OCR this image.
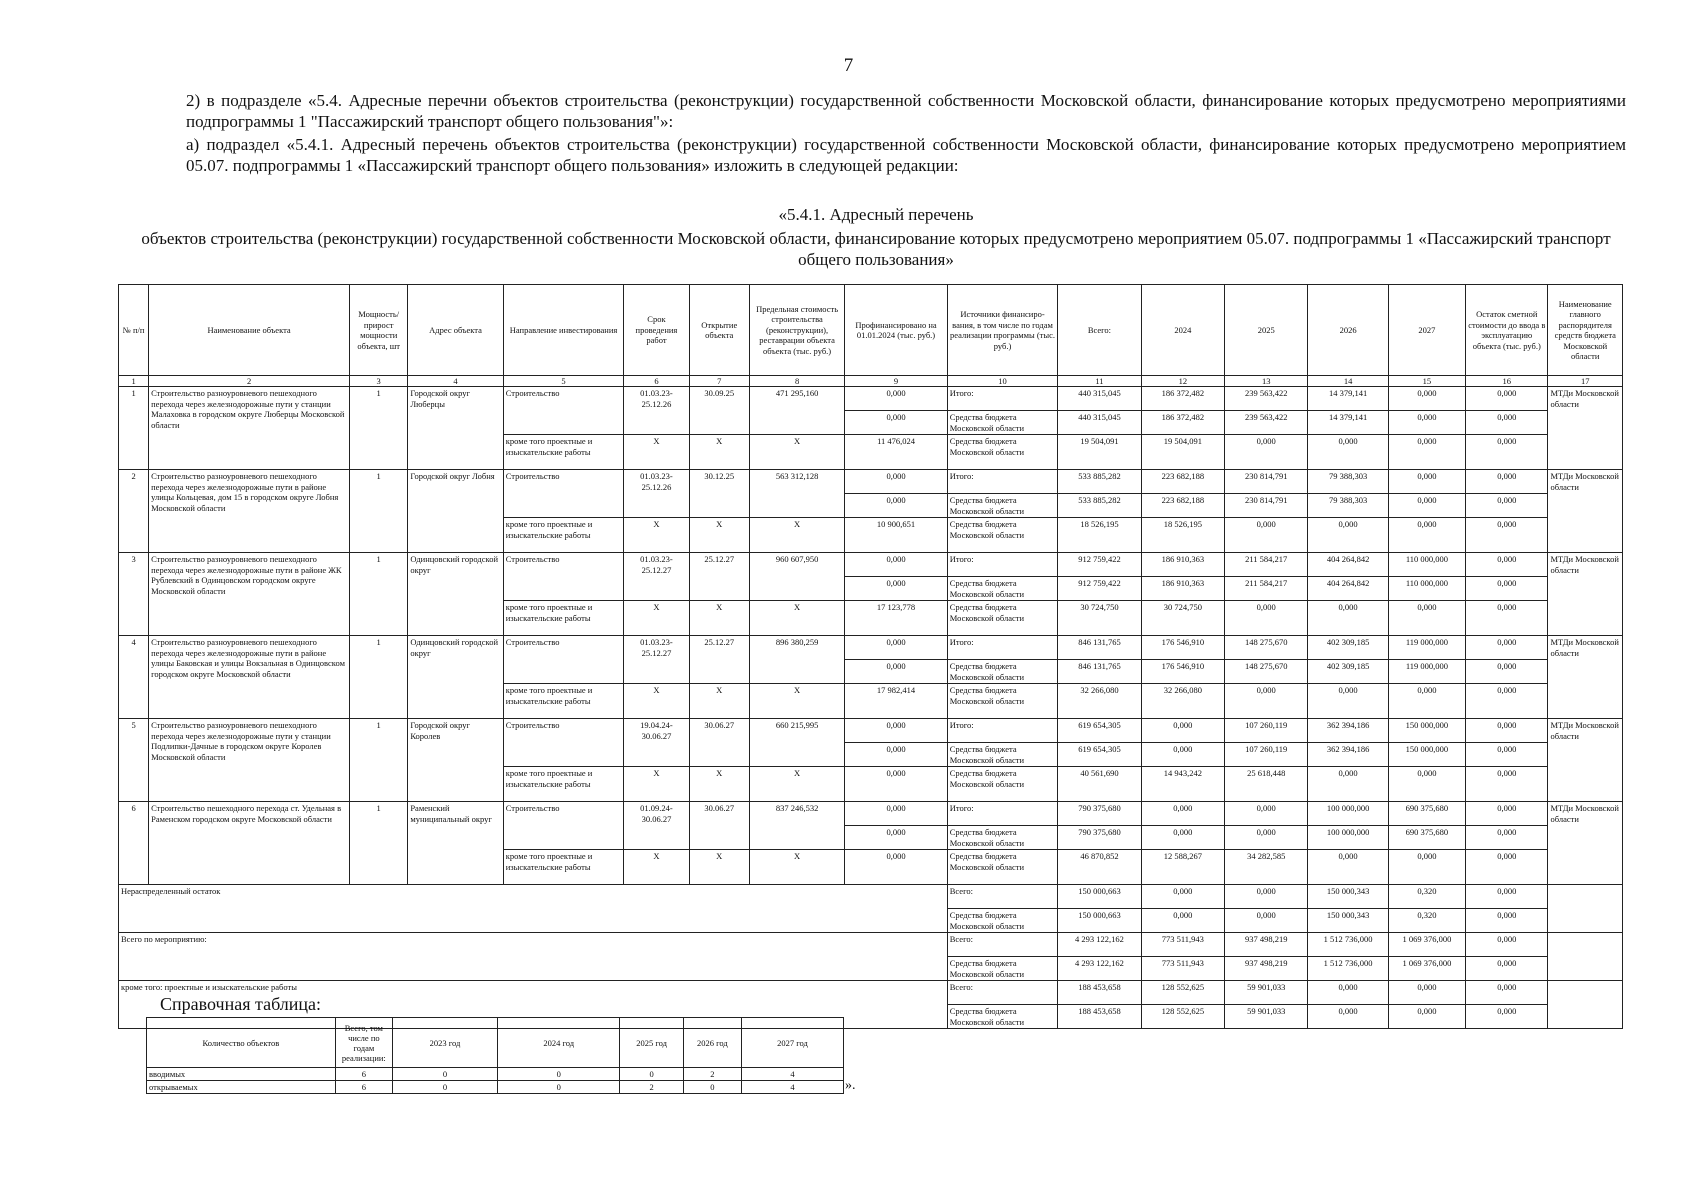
7
2) в подразделе «5.4. Адресные перечни объектов строительства (реконструкции) государственной собственности Московской области, финансирование которых предусмотрено мероприятиями подпрограммы 1 "Пассажирский транспорт общего пользования"»:
а) подраздел «5.4.1. Адресный перечень объектов строительства (реконструкции) государственной собственности Московской области, финансирование которых предусмотрено мероприятием 05.07. подпрограммы 1 «Пассажирский транспорт общего пользования» изложить в следующей редакции:
«5.4.1. Адресный перечень
объектов строительства (реконструкции) государственной собственности Московской области, финансирование которых предусмотрено мероприятием 05.07. подпрограммы 1 «Пассажирский транспорт общего пользования»
№ п/п	Наименование объекта	Мощность/ прирост мощности объекта, шт	Адрес объекта	Направление инвестирования	Срок проведения работ	Открытие объекта	Предельная стоимость строительства (реконструкции), реставрации объекта объекта (тыс. руб.)	Профинансировано на 01.01.2024 (тыс. руб.)	Источники финансиро-вания, в том числе по годам реализации программы (тыс. руб.)	Всего:	2024	2025	2026	2027	Остаток сметной стоимости до ввода в эксплуатацию объекта (тыс. руб.)	Наименование главного распорядителя средств бюджета Московской области
1	2	3	4	5	6	7	8	9	10	11	12	13	14	15	16	17
1	Строительство разноуровневого пешеходного перехода через железнодорожные пути у станции Малаховка в городском округе Люберцы Московской области	1	Городской округ Люберцы	Строительство	01.03.23-25.12.26	30.09.25	471 295,160	0,000	Итого:	440 315,045	186 372,482	239 563,422	14 379,141	0,000	0,000	МТДи Московской области
								0,000	Средства бюджета Московской области	440 315,045	186 372,482	239 563,422	14 379,141	0,000	0,000	
				кроме того проектные и изыскательские работы	X	X	X	11 476,024	Средства бюджета Московской области	19 504,091	19 504,091	0,000	0,000	0,000	0,000	
2	Строительство разноуровневого пешеходного перехода через железнодорожные пути в районе улицы Кольцевая, дом 15 в городском округе Лобня Московской области	1	Городской округ Лобня	Строительство	01.03.23-25.12.26	30.12.25	563 312,128	0,000	Итого:	533 885,282	223 682,188	230 814,791	79 388,303	0,000	0,000	МТДи Московской области
								0,000	Средства бюджета Московской области	533 885,282	223 682,188	230 814,791	79 388,303	0,000	0,000	
				кроме того проектные и изыскательские работы	X	X	X	10 900,651	Средства бюджета Московской области	18 526,195	18 526,195	0,000	0,000	0,000	0,000	
3	Строительство разноуровневого пешеходного перехода через железнодорожные пути в районе ЖК Рублевский в Одинцовском городском округе Московской области	1	Одинцовский городской округ	Строительство	01.03.23-25.12.27	25.12.27	960 607,950	0,000	Итого:	912 759,422	186 910,363	211 584,217	404 264,842	110 000,000	0,000	МТДи Московской области
								0,000	Средства бюджета Московской области	912 759,422	186 910,363	211 584,217	404 264,842	110 000,000	0,000	
				кроме того проектные и изыскательские работы	X	X	X	17 123,778	Средства бюджета Московской области	30 724,750	30 724,750	0,000	0,000	0,000	0,000	
4	Строительство разноуровневого пешеходного перехода через железнодорожные пути в районе улицы Баковская и улицы Вокзальная в Одинцовском городском округе Московской области	1	Одинцовский городской округ	Строительство	01.03.23-25.12.27	25.12.27	896 380,259	0,000	Итого:	846 131,765	176 546,910	148 275,670	402 309,185	119 000,000	0,000	МТДи Московской области
								0,000	Средства бюджета Московской области	846 131,765	176 546,910	148 275,670	402 309,185	119 000,000	0,000	
				кроме того проектные и изыскательские работы	X	X	X	17 982,414	Средства бюджета Московской области	32 266,080	32 266,080	0,000	0,000	0,000	0,000	
5	Строительство разноуровневого пешеходного перехода через железнодорожные пути у станции Подлипки-Дачные в городском округе Королев Московской области	1	Городской округ Королев	Строительство	19.04.24-30.06.27	30.06.27	660 215,995	0,000	Итого:	619 654,305	0,000	107 260,119	362 394,186	150 000,000	0,000	МТДи Московской области
								0,000	Средства бюджета Московской области	619 654,305	0,000	107 260,119	362 394,186	150 000,000	0,000	
				кроме того проектные и изыскательские работы	X	X	X	0,000	Средства бюджета Московской области	40 561,690	14 943,242	25 618,448	0,000	0,000	0,000	
6	Строительство пешеходного перехода ст. Удельная в Раменском городском округе Московской области	1	Раменский муниципальный округ	Строительство	01.09.24-30.06.27	30.06.27	837 246,532	0,000	Итого:	790 375,680	0,000	0,000	100 000,000	690 375,680	0,000	МТДи Московской области
								0,000	Средства бюджета Московской области	790 375,680	0,000	0,000	100 000,000	690 375,680	0,000	
				кроме того проектные и изыскательские работы	X	X	X	0,000	Средства бюджета Московской области	46 870,852	12 588,267	34 282,585	0,000	0,000	0,000	
Нераспределенный остаток									Всего:	150 000,663	0,000	0,000	150 000,343	0,320	0,000	
									Средства бюджета Московской области	150 000,663	0,000	0,000	150 000,343	0,320	0,000	
Всего по мероприятию:									Всего:	4 293 122,162	773 511,943	937 498,219	1 512 736,000	1 069 376,000	0,000	
									Средства бюджета Московской области	4 293 122,162	773 511,943	937 498,219	1 512 736,000	1 069 376,000	0,000	
кроме того: проектные и изыскательские работы									Всего:	188 453,658	128 552,625	59 901,033	0,000	0,000	0,000	
									Средства бюджета Московской области	188 453,658	128 552,625	59 901,033	0,000	0,000	0,000	
Справочная таблица:
Количество объектов	Всего, том числе по годам реализации:	2023 год	2024 год	2025 год	2026 год	2027 год
вводимых	6	0	0	0	2	4
открываемых	6	0	0	2	0	4	».
